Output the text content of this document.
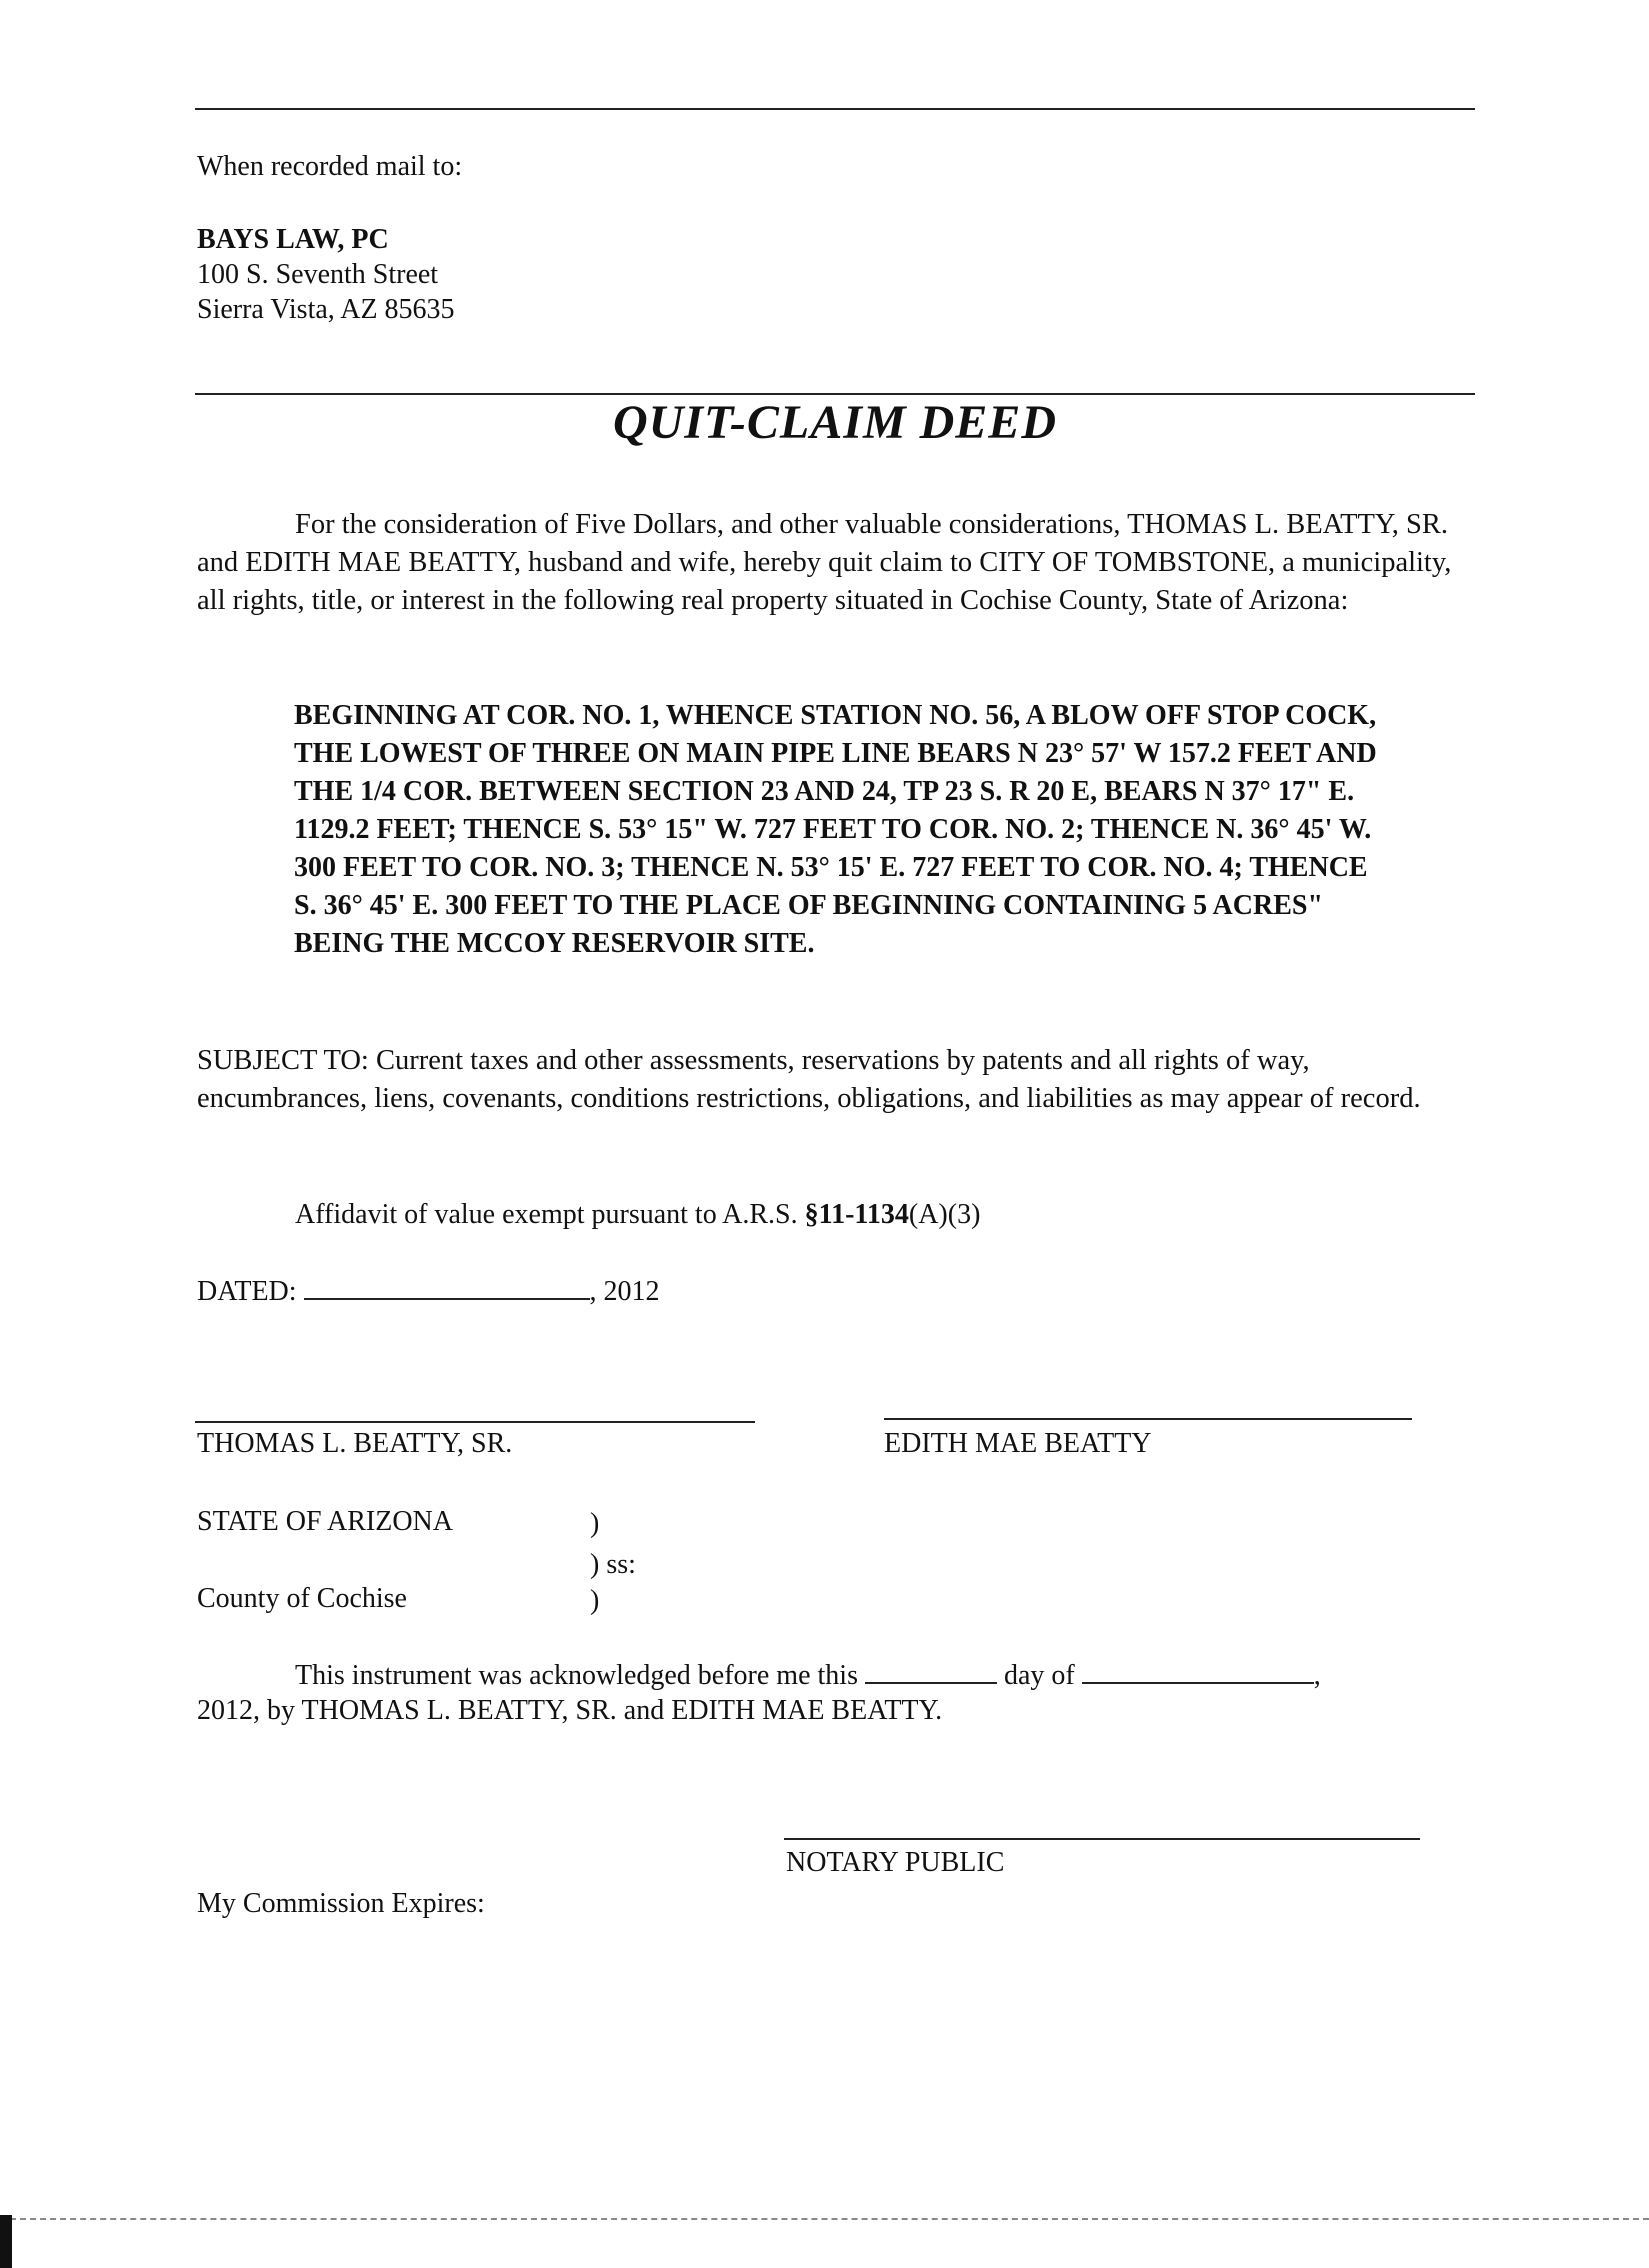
When recorded mail to:
BAYS LAW, PC
100 S. Seventh Street
Sierra Vista, AZ 85635
QUIT-CLAIM DEED
For the consideration of Five Dollars, and other valuable considerations, THOMAS L. BEATTY, SR. and EDITH MAE BEATTY, husband and wife, hereby quit claim to CITY OF TOMBSTONE, a municipality, all rights, title, or interest in the following real property situated in Cochise County, State of Arizona:
BEGINNING AT COR. NO. 1, WHENCE STATION NO. 56, A BLOW OFF STOP COCK, THE LOWEST OF THREE ON MAIN PIPE LINE BEARS N 23° 57' W 157.2 FEET AND THE 1/4 COR. BETWEEN SECTION 23 AND 24, TP 23 S. R 20 E, BEARS N 37° 17" E. 1129.2 FEET; THENCE S. 53° 15" W. 727 FEET TO COR. NO. 2; THENCE N. 36° 45' W. 300 FEET TO COR. NO. 3; THENCE N. 53° 15' E. 727 FEET TO COR. NO. 4; THENCE S. 36° 45' E. 300 FEET TO THE PLACE OF BEGINNING CONTAINING 5 ACRES" BEING THE MCCOY RESERVOIR SITE.
SUBJECT TO: Current taxes and other assessments, reservations by patents and all rights of way, encumbrances, liens, covenants, conditions restrictions, obligations, and liabilities as may appear of record.
Affidavit of value exempt pursuant to A.R.S. §11-1134(A)(3)
DATED:	, 2012
THOMAS L. BEATTY, SR.	EDITH MAE BEATTY
STATE OF ARIZONA	)
) ss:
County of Cochise	)
This instrument was acknowledged before me this	day of	,
2012, by THOMAS L. BEATTY, SR. and EDITH MAE BEATTY.
NOTARY PUBLIC
My Commission Expires:
